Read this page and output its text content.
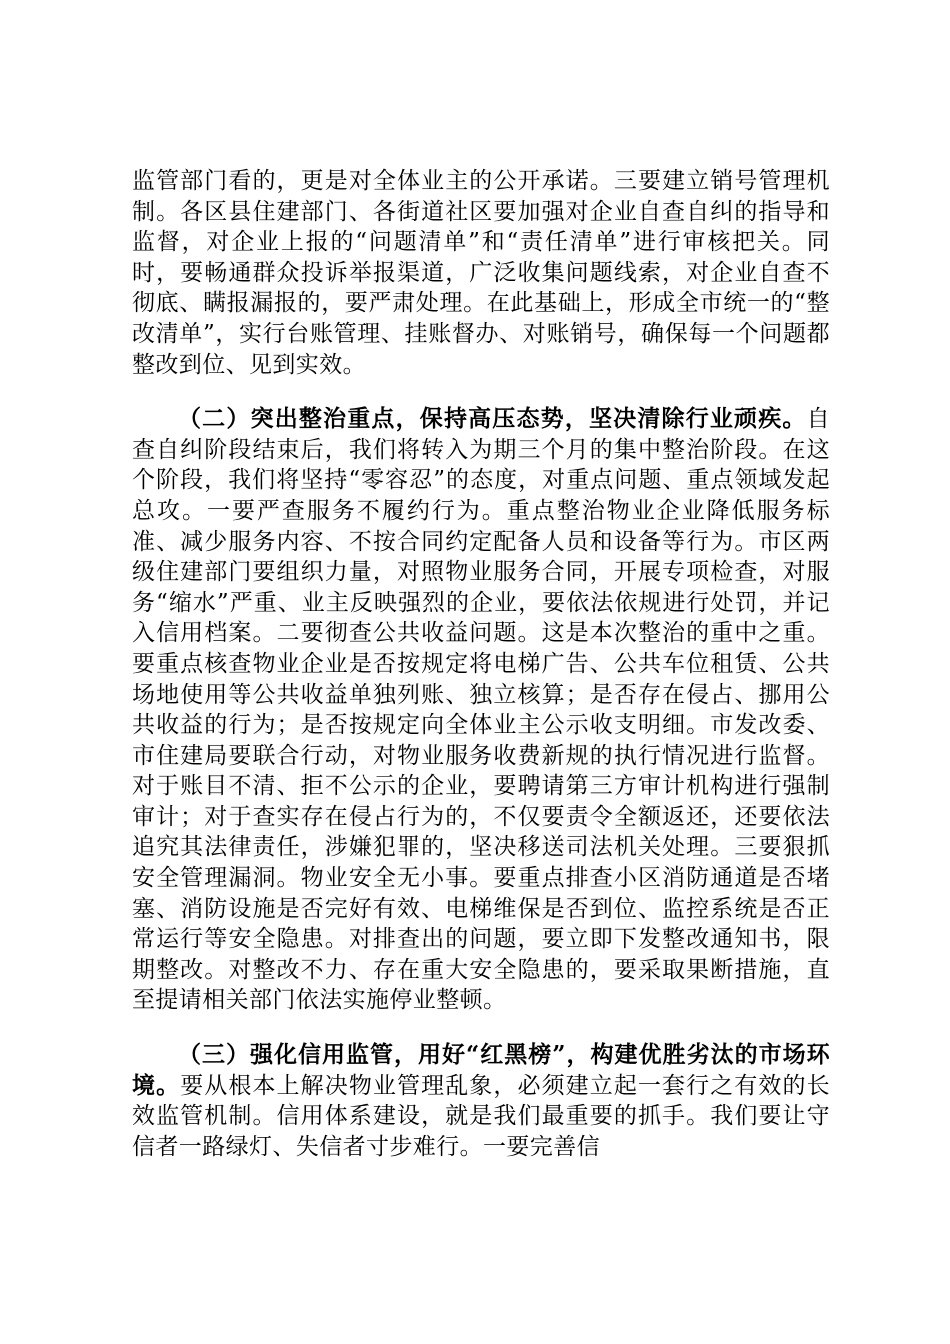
监管部门看的，更是对全体业主的公开承诺。三要建立销号管理机制。各区县住建部门、各街道社区要加强对企业自查自纠的指导和监督，对企业上报的“问题清单”和“责任清单”进行审核把关。同时，要畅通群众投诉举报渠道，广泛收集问题线索，对企业自查不彻底、瞒报漏报的，要严肃处理。在此基础上，形成全市统一的“整改清单”，实行台账管理、挂账督办、对账销号，确保每一个问题都整改到位、见到实效。

（二）突出整治重点，保持高压态势，坚决清除行业顽疾。自查自纠阶段结束后，我们将转入为期三个月的集中整治阶段。在这个阶段，我们将坚持“零容忍”的态度，对重点问题、重点领域发起总攻。一要严查服务不履约行为。重点整治物业企业降低服务标准、减少服务内容、不按合同约定配备人员和设备等行为。市区两级住建部门要组织力量，对照物业服务合同，开展专项检查，对服务“缩水”严重、业主反映强烈的企业，要依法依规进行处罚，并记入信用档案。二要彻查公共收益问题。这是本次整治的重中之重。要重点核查物业企业是否按规定将电梯广告、公共车位租赁、公共场地使用等公共收益单独列账、独立核算；是否存在侵占、挪用公共收益的行为；是否按规定向全体业主公示收支明细。市发改委、市住建局要联合行动，对物业服务收费新规的执行情况进行监督。对于账目不清、拒不公示的企业，要聘请第三方审计机构进行强制审计；对于查实存在侵占行为的，不仅要责令全额返还，还要依法追究其法律责任，涉嫌犯罪的，坚决移送司法机关处理。三要狠抓安全管理漏洞。物业安全无小事。要重点排查小区消防通道是否堵塞、消防设施是否完好有效、电梯维保是否到位、监控系统是否正常运行等安全隐患。对排查出的问题，要立即下发整改通知书，限期整改。对整改不力、存在重大安全隐患的，要采取果断措施，直至提请相关部门依法实施停业整顿。

（三）强化信用监管，用好“红黑榜”，构建优胜劣汰的市场环境。要从根本上解决物业管理乱象，必须建立起一套行之有效的长效监管机制。信用体系建设，就是我们最重要的抓手。我们要让守信者一路绿灯、失信者寸步难行。一要完善信
